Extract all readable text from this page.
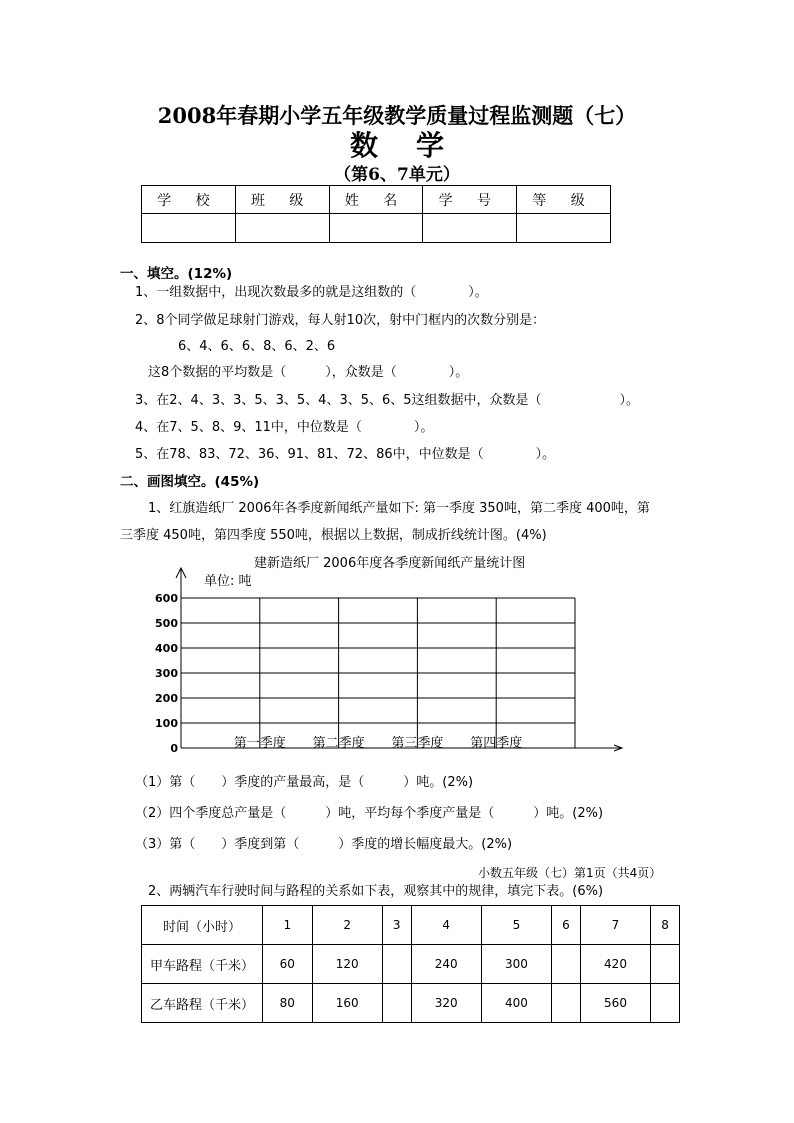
2008年春期小学五年级教学质量过程监测题（七）
数学
（第6、7单元）
学 校	班 级	姓 名	学 号	等 级

一、填空。(12%)
1、一组数据中，出现次数最多的就是这组数的（　　　　）。
2、8个同学做足球射门游戏，每人射10次，射中门框内的次数分别是：
6、4、6、6、8、6、2、6
这8个数据的平均数是（　　　），众数是（　　　　）。
3、在2、4、3、3、5、3、5、4、3、5、6、5这组数据中，众数是（　　　　　　）。
4、在7、5、8、9、11中，中位数是（　　　　）。
5、在78、83、72、36、91、81、72、86中，中位数是（　　　　）。
二、画图填空。(45%)
1、红旗造纸厂 2006年各季度新闻纸产量如下: 第一季度 350吨，第二季度 400吨，第
三季度 450吨，第四季度 550吨，根据以上数据，制成折线统计图。(4%)
建新造纸厂 2006年度各季度新闻纸产量统计图
单位: 吨
0
100
200
300
400
500
600
第一季度 第二季度 第三季度 第四季度
（1）第（　　）季度的产量最高，是（　　　）吨。(2%)
（2）四个季度总产量是（　　　）吨，平均每个季度产量是（　　　）吨。(2%)
（3）第（　　）季度到第（　　　）季度的增长幅度最大。(2%)
小数五年级（七）第1页（共4页）
2、两辆汽车行驶时间与路程的关系如下表，观察其中的规律，填完下表。(6%)
时间（小时）	1	2	3	4	5	6	7	8
甲车路程（千米）	60	120		240	300		420	
乙车路程（千米）	80	160		320	400		560	
